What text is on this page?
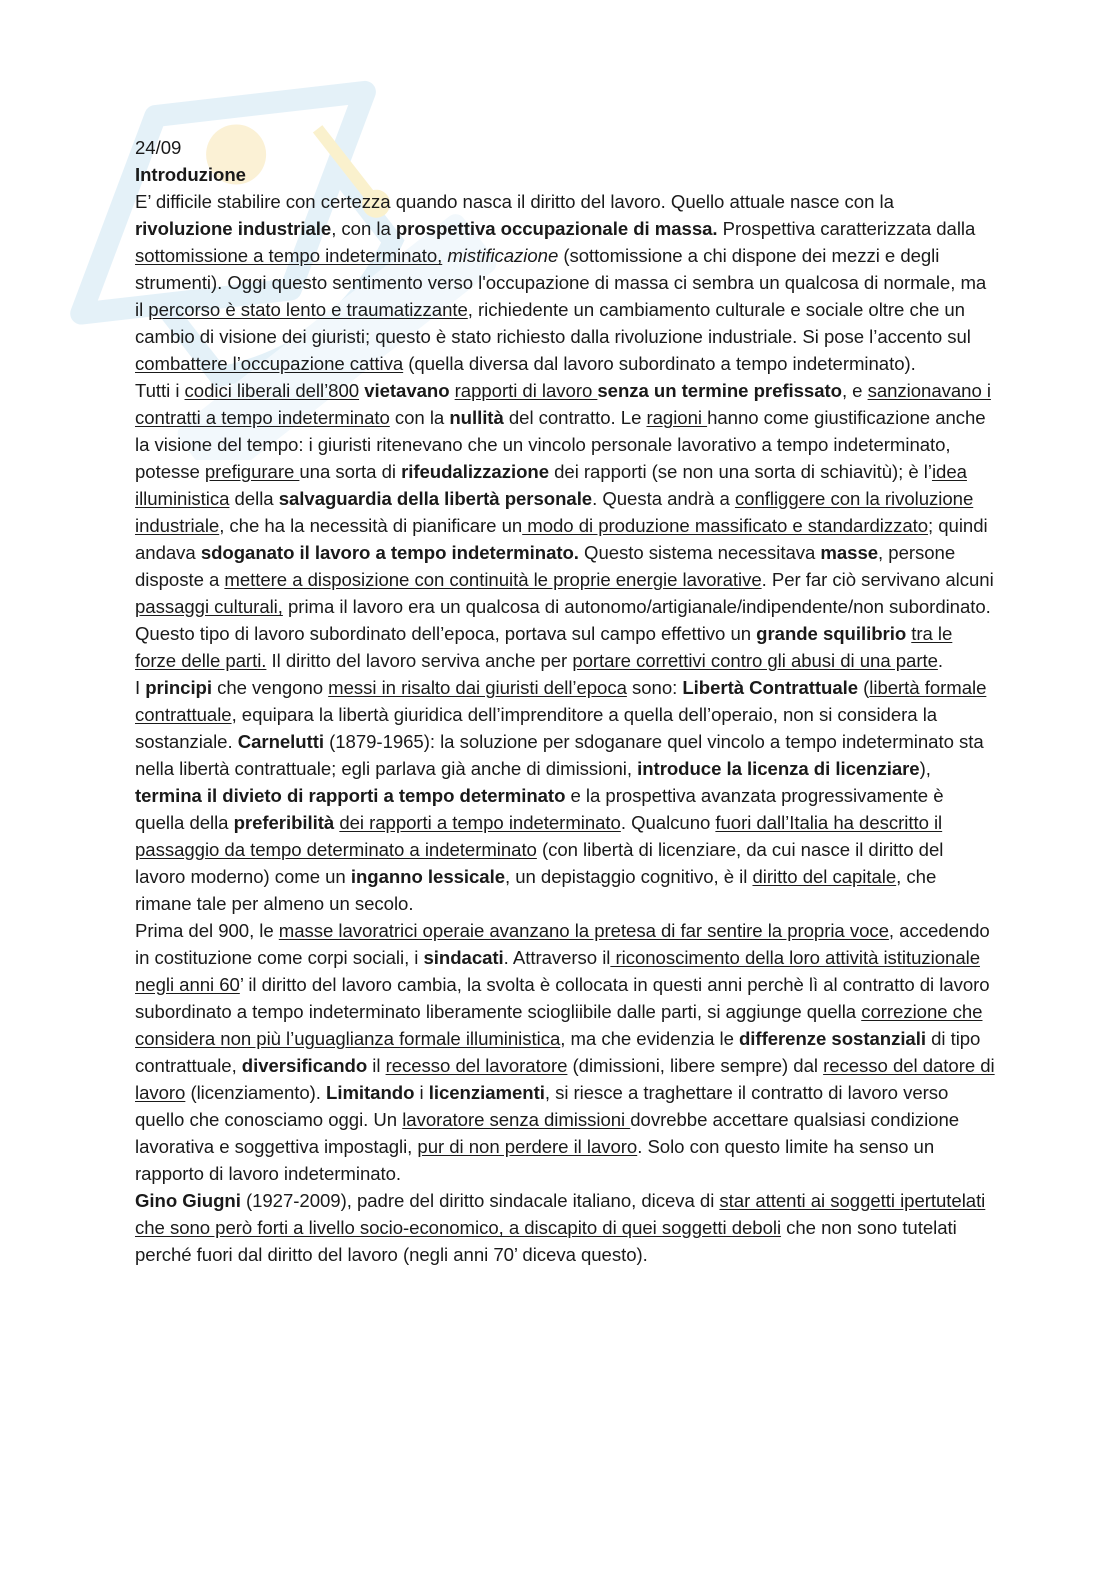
24/09

Introduzione

E’ difficile stabilire con certezza quando nasca il diritto del lavoro. Quello attuale nasce con la rivoluzione industriale, con la prospettiva occupazionale di massa. Prospettiva caratterizzata dalla sottomissione a tempo indeterminato, mistificazione (sottomissione a chi dispone dei mezzi e degli strumenti). Oggi questo sentimento verso l'occupazione di massa ci sembra un qualcosa di normale, ma il percorso è stato lento e traumatizzante, richiedente un cambiamento culturale e sociale oltre che un cambio di visione dei giuristi; questo è stato richiesto dalla rivoluzione industriale. Si pose l’accento sul combattere l’occupazione cattiva (quella diversa dal lavoro subordinato a tempo indeterminato).

Tutti i codici liberali dell’800 vietavano rapporti di lavoro senza un termine prefissato, e sanzionavano i contratti a tempo indeterminato con la nullità del contratto. Le ragioni hanno come giustificazione anche la visione del tempo: i giuristi ritenevano che un vincolo personale lavorativo a tempo indeterminato, potesse prefigurare una sorta di rifeudalizzazione dei rapporti (se non una sorta di schiavitù); è l’idea illuministica della salvaguardia della libertà personale. Questa andrà a confliggere con la rivoluzione industriale, che ha la necessità di pianificare un modo di produzione massificato e standardizzato; quindi andava sdoganato il lavoro a tempo indeterminato. Questo sistema necessitava masse, persone disposte a mettere a disposizione con continuità le proprie energie lavorative. Per far ciò servivano alcuni passaggi culturali, prima il lavoro era un qualcosa di autonomo/artigianale/indipendente/non subordinato. Questo tipo di lavoro subordinato dell’epoca, portava sul campo effettivo un grande squilibrio tra le forze delle parti. Il diritto del lavoro serviva anche per portare correttivi contro gli abusi di una parte.

I principi che vengono messi in risalto dai giuristi dell’epoca sono: Libertà Contrattuale (libertà formale contrattuale, equipara la libertà giuridica dell’imprenditore a quella dell’operaio, non si considera la sostanziale. Carnelutti (1879-1965): la soluzione per sdoganare quel vincolo a tempo indeterminato sta nella libertà contrattuale; egli parlava già anche di dimissioni, introduce la licenza di licenziare), termina il divieto di rapporti a tempo determinato e la prospettiva avanzata progressivamente è quella della preferibilità dei rapporti a tempo indeterminato. Qualcuno fuori dall’Italia ha descritto il passaggio da tempo determinato a indeterminato (con libertà di licenziare, da cui nasce il diritto del lavoro moderno) come un inganno lessicale, un depistaggio cognitivo, è il diritto del capitale, che rimane tale per almeno un secolo.

Prima del 900, le masse lavoratrici operaie avanzano la pretesa di far sentire la propria voce, accedendo in costituzione come corpi sociali, i sindacati. Attraverso il riconoscimento della loro attività istituzionale negli anni 60’ il diritto del lavoro cambia, la svolta è collocata in questi anni perchè lì al contratto di lavoro subordinato a tempo indeterminato liberamente sciogliibile dalle parti, si aggiunge quella correzione che considera non più l’uguaglianza formale illuministica, ma che evidenzia le differenze sostanziali di tipo contrattuale, diversificando il recesso del lavoratore (dimissioni, libere sempre) dal recesso del datore di lavoro (licenziamento). Limitando i licenziamenti, si riesce a traghettare il contratto di lavoro verso quello che conosciamo oggi. Un lavoratore senza dimissioni dovrebbe accettare qualsiasi condizione lavorativa e soggettiva impostagli, pur di non perdere il lavoro. Solo con questo limite ha senso un rapporto di lavoro indeterminato.

Gino Giugni (1927-2009), padre del diritto sindacale italiano, diceva di star attenti ai soggetti ipertutelati che sono però forti a livello socio-economico, a discapito di quei soggetti deboli che non sono tutelati perché fuori dal diritto del lavoro (negli anni 70’ diceva questo).
